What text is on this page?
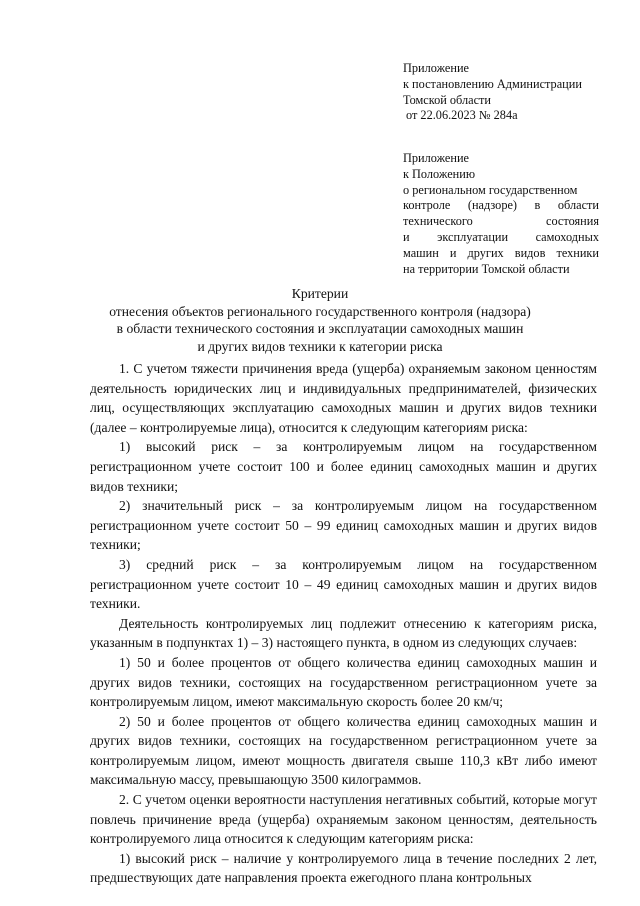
Приложение
к постановлению Администрации
Томской области
от 22.06.2023 № 284а
Приложение
к Положению
о региональном государственном
контроле (надзоре) в области
технического состояния
и эксплуатации самоходных
машин и других видов техники
на территории Томской области
Критерии
отнесения объектов регионального государственного контроля (надзора)
в области технического состояния и эксплуатации самоходных машин
и других видов техники к категории риска

1. С учетом тяжести причинения вреда (ущерба) охраняемым законом ценностям деятельность юридических лиц и индивидуальных предпринимателей, физических лиц, осуществляющих эксплуатацию самоходных машин и других видов техники (далее – контролируемые лица), относится к следующим категориям риска:

1) высокий риск – за контролируемым лицом на государственном регистрационном учете состоит 100 и более единиц самоходных машин и других видов техники;

2) значительный риск – за контролируемым лицом на государственном регистрационном учете состоит 50 – 99 единиц самоходных машин и других видов техники;

3) средний риск – за контролируемым лицом на государственном регистрационном учете состоит 10 – 49 единиц самоходных машин и других видов техники.

Деятельность контролируемых лиц подлежит отнесению к категориям риска, указанным в подпунктах 1) – 3) настоящего пункта, в одном из следующих случаев:

1) 50 и более процентов от общего количества единиц самоходных машин и других видов техники, состоящих на государственном регистрационном учете за контролируемым лицом, имеют максимальную скорость более 20 км/ч;

2) 50 и более процентов от общего количества единиц самоходных машин и других видов техники, состоящих на государственном регистрационном учете за контролируемым лицом, имеют мощность двигателя свыше 110,3 кВт либо имеют максимальную массу, превышающую 3500 килограммов.

2. С учетом оценки вероятности наступления негативных событий, которые могут повлечь причинение вреда (ущерба) охраняемым законом ценностям, деятельность контролируемого лица относится к следующим категориям риска:

1) высокий риск – наличие у контролируемого лица в течение последних 2 лет, предшествующих дате направления проекта ежегодного плана контрольных
